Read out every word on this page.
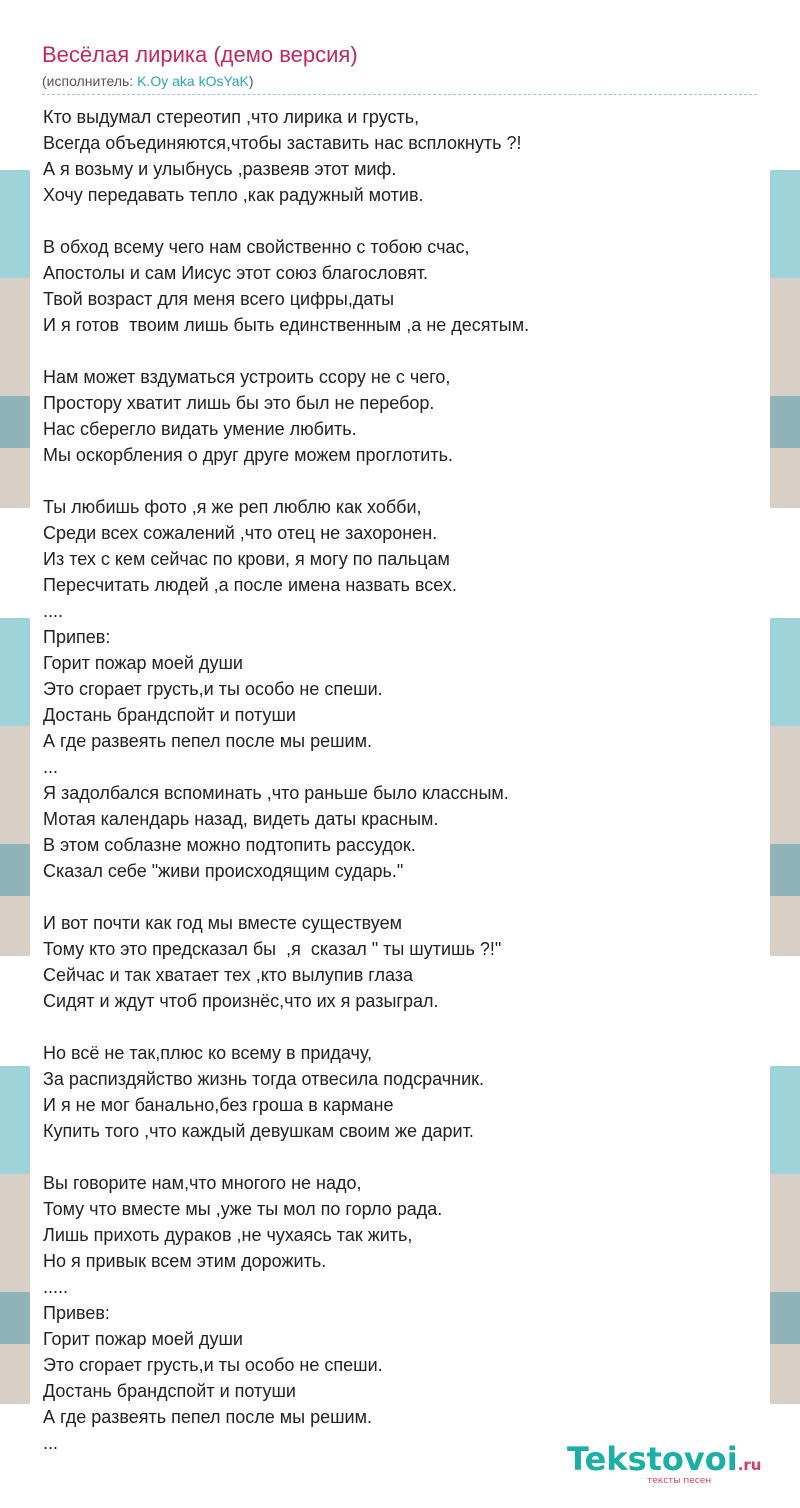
Весёлая лирика (демо версия)
(исполнитель: K.Oy aka kOsYaK)
Кто выдумал стереотип ,что лирика и грусть,
Всегда объединяются,чтобы заставить нас всплокнуть ?!
А я возьму и улыбнусь ,развеяв этот миф.
Хочу передавать тепло ,как радужный мотив.
В обход всему чего нам свойственно с тобою счас,
Апостолы и сам Иисус этот союз благословят.
Твой возраст для меня всего цифры,даты
И я готов  твоим лишь быть единственным ,а не десятым.
Нам может вздуматься устроить ссору не с чего,
Простору хватит лишь бы это был не перебор.
Нас сберегло видать умение любить.
Мы оскорбления о друг друге можем проглотить.
Ты любишь фото ,я же реп люблю как хобби,
Среди всех сожалений ,что отец не захоронен.
Из тех с кем сейчас по крови, я могу по пальцам
Пересчитать людей ,а после имена назвать всех.
....
Припев:
Горит пожар моей души
Это сгорает грусть,и ты особо не спеши.
Достань брандспойт и потуши
А где развеять пепел после мы решим.
...
Я задолбался вспоминать ,что раньше было классным.
Мотая календарь назад, видеть даты красным.
В этом соблазне можно подтопить рассудок.
Сказал себе "живи происходящим сударь."
И вот почти как год мы вместе существуем
Тому кто это предсказал бы  ,я  сказал " ты шутишь ?!"
Сейчас и так хватает тех ,кто вылупив глаза
Сидят и ждут чтоб произнёс,что их я разыграл.
Но всё не так,плюс ко всему в придачу,
За распиздяйство жизнь тогда отвесила подсрачник.
И я не мог банально,без гроша в кармане
Купить того ,что каждый девушкам своим же дарит.
Вы говорите нам,что многого не надо,
Тому что вместе мы ,уже ты мол по горло рада.
Лишь прихоть дураков ,не чухаясь так жить,
Но я привык всем этим дорожить.
.....
Привев:
Горит пожар моей души
Это сгорает грусть,и ты особо не спеши.
Достань брандспойт и потуши
А где развеять пепел после мы решим.
...	Tekstovoi.ru
тексты песен
